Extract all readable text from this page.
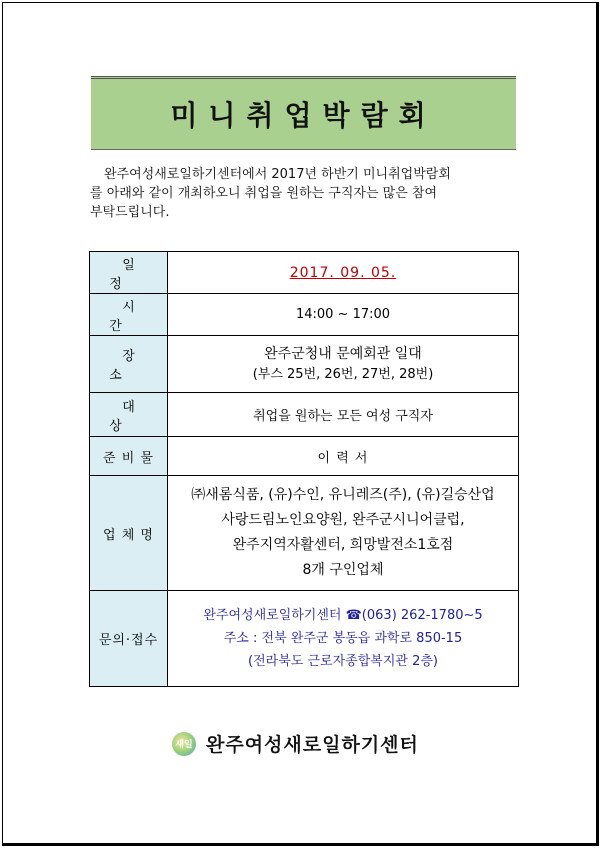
미니취업박람회
완주여성새로일하기센터에서 2017년 하반기 미니취업박람회
를 아래와 같이 개최하오니 취업을 원하는 구직자는 많은 참여
부탁드립니다.
일 정	2017. 09. 05.
시 간	14:00 ~ 17:00
장 소	완주군청내 문예회관 일대
(부스 25번, 26번, 27번, 28번)

대 상	취업을 원하는 모든 여성 구직자
준 비 물	이 력 서
업 체 명	㈜새롬식품, (유)수인, 유니레즈(주), (유)길승산업
사랑드림노인요양원, 완주군시니어클럽,
완주지역자활센터, 희망발전소1호점
8개 구인업체

문의·접수	완주여성새로일하기센터 ☎(063) 262-1780~5
주소 : 전북 완주군 봉동읍 과학로 850-15
(전라북도 근로자종합복지관 2층)
새일 완주여성새로일하기센터
